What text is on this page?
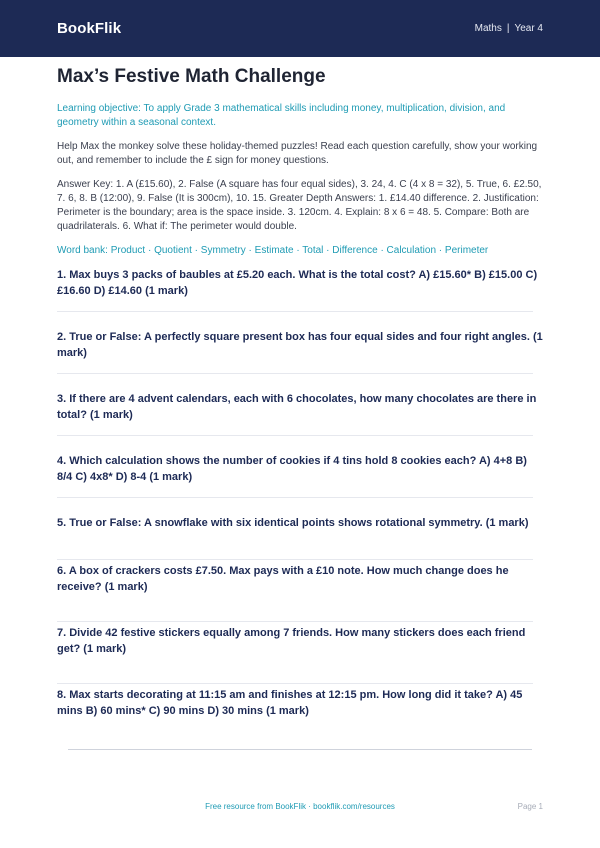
BookFlik	Maths | Year 4
Max’s Festive Math Challenge
Learning objective: To apply Grade 3 mathematical skills including money, multiplication, division, and geometry within a seasonal context.
Help Max the monkey solve these holiday-themed puzzles! Read each question carefully, show your working out, and remember to include the £ sign for money questions.
Answer Key: 1. A (£15.60), 2. False (A square has four equal sides), 3. 24, 4. C (4 x 8 = 32), 5. True, 6. £2.50, 7. 6, 8. B (12:00), 9. False (It is 300cm), 10. 15. Greater Depth Answers: 1. £14.40 difference. 2. Justification: Perimeter is the boundary; area is the space inside. 3. 120cm. 4. Explain: 8 x 6 = 48. 5. Compare: Both are quadrilaterals. 6. What if: The perimeter would double.
Word bank: Product · Quotient · Symmetry · Estimate · Total · Difference · Calculation · Perimeter
1. Max buys 3 packs of baubles at £5.20 each. What is the total cost? A) £15.60* B) £15.00 C) £16.60 D) £14.60 (1 mark)
2. True or False: A perfectly square present box has four equal sides and four right angles. (1 mark)
3. If there are 4 advent calendars, each with 6 chocolates, how many chocolates are there in total? (1 mark)
4. Which calculation shows the number of cookies if 4 tins hold 8 cookies each? A) 4+8 B) 8/4 C) 4x8* D) 8-4 (1 mark)
5. True or False: A snowflake with six identical points shows rotational symmetry. (1 mark)
6. A box of crackers costs £7.50. Max pays with a £10 note. How much change does he receive? (1 mark)
7. Divide 42 festive stickers equally among 7 friends. How many stickers does each friend get? (1 mark)
8. Max starts decorating at 11:15 am and finishes at 12:15 pm. How long did it take? A) 45 mins B) 60 mins* C) 90 mins D) 30 mins (1 mark)
Free resource from BookFlik · bookflik.com/resources	Page 1
